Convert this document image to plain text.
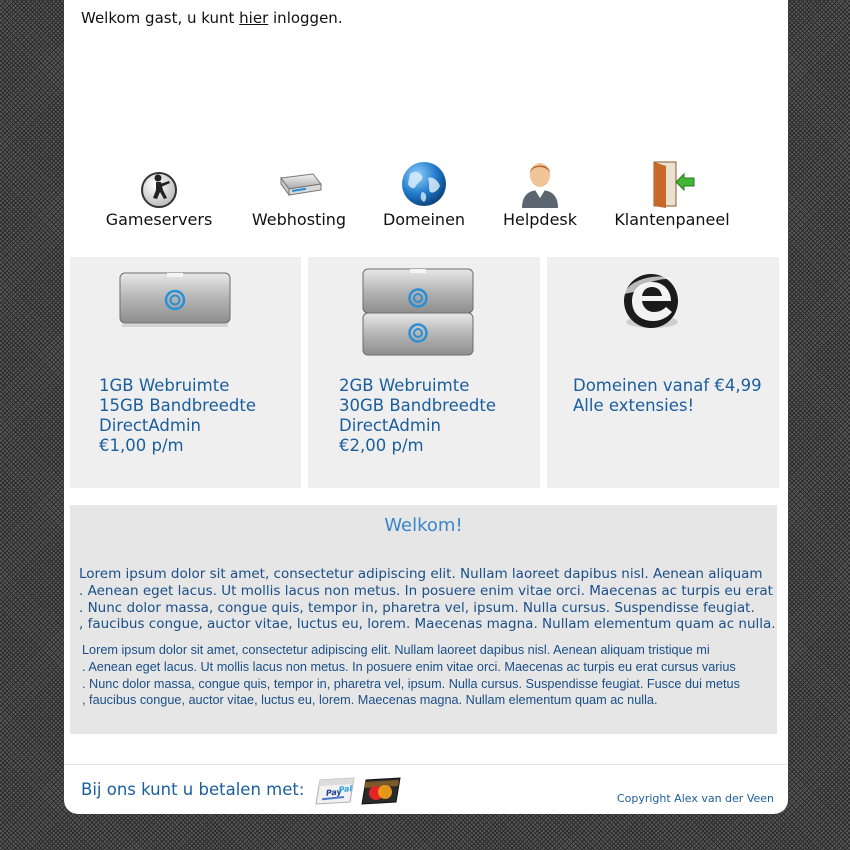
Welkom gast, u kunt hier inloggen.
Gameservers	Webhosting	Domeinen	Helpdesk	Klantenpaneel
1GB Webruimte
15GB Bandbreedte
DirectAdmin
€1,00 p/m
2GB Webruimte
30GB Bandbreedte
DirectAdmin
€2,00 p/m
Domeinen vanaf €4,99
Alle extensies!
Welkom!
Lorem ipsum dolor sit amet, consectetur adipiscing elit. Nullam laoreet dapibus nisl. Aenean aliquam
. Aenean eget lacus. Ut mollis lacus non metus. In posuere enim vitae orci. Maecenas ac turpis eu erat
. Nunc dolor massa, congue quis, tempor in, pharetra vel, ipsum. Nulla cursus. Suspendisse feugiat.
, faucibus congue, auctor vitae, luctus eu, lorem. Maecenas magna. Nullam elementum quam ac nulla.
Lorem ipsum dolor sit amet, consectetur adipiscing elit. Nullam laoreet dapibus nisl. Aenean aliquam tristique mi
. Aenean eget lacus. Ut mollis lacus non metus. In posuere enim vitae orci. Maecenas ac turpis eu erat cursus varius
. Nunc dolor massa, congue quis, tempor in, pharetra vel, ipsum. Nulla cursus. Suspendisse feugiat. Fusce dui metus
, faucibus congue, auctor vitae, luctus eu, lorem. Maecenas magna. Nullam elementum quam ac nulla.
Bij ons kunt u betalen met:	Pay
Pal
Copyright Alex van der Veen
